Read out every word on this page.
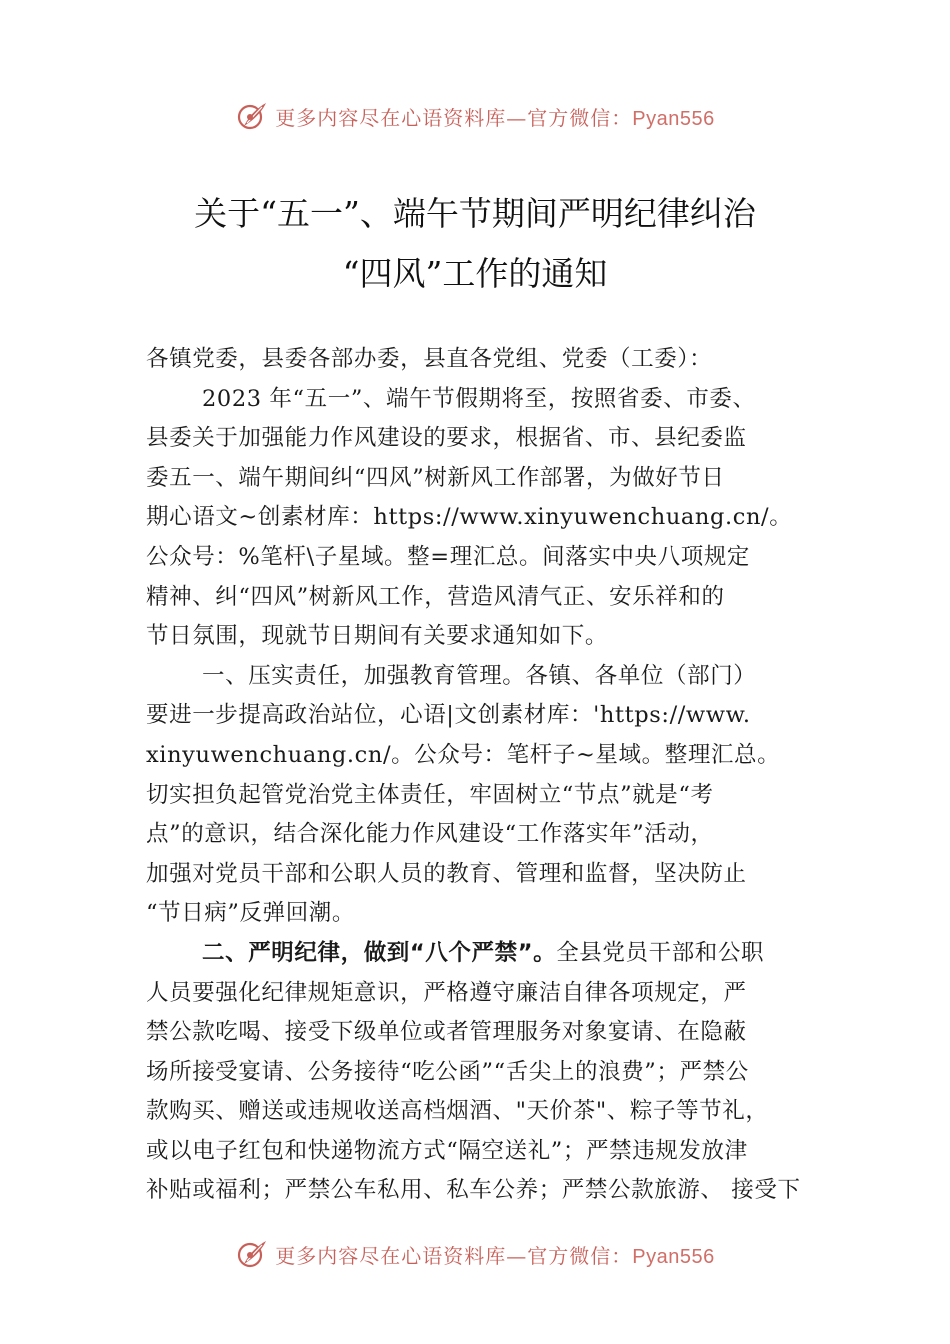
更多内容尽在心语资料库—官方微信：Pyan556
关于“五一”、端午节期间严明纪律纠治
“四风”工作的通知
各镇党委，县委各部办委，县直各党组、党委（工委）：
2023 年“五一”、端午节假期将至，按照省委、市委、
县委关于加强能力作风建设的要求，根据省、市、县纪委监
委五一、端午期间纠“四风”树新风工作部署，为做好节日
期心语文~创素材库：https://www.xinyuwenchuang.cn/。
公众号：%笔杆\子星域。整=理汇总。间落实中央八项规定
精神、纠“四风”树新风工作，营造风清气正、安乐祥和的
节日氛围，现就节日期间有关要求通知如下。
一、压实责任，加强教育管理。各镇、各单位（部门）
要进一步提高政治站位，心语|文创素材库：'https://www.
xinyuwenchuang.cn/。公众号：笔杆子~星域。整理汇总。
切实担负起管党治党主体责任，牢固树立“节点”就是“考
点”的意识，结合深化能力作风建设“工作落实年”活动，
加强对党员干部和公职人员的教育、管理和监督，坚决防止
“节日病”反弹回潮。
二、严明纪律，做到“八个严禁”。全县党员干部和公职
人员要强化纪律规矩意识，严格遵守廉洁自律各项规定，严
禁公款吃喝、接受下级单位或者管理服务对象宴请、在隐蔽
场所接受宴请、公务接待“吃公函”“舌尖上的浪费”；严禁公
款购买、赠送或违规收送高档烟酒、"天价茶"、粽子等节礼，
或以电子红包和快递物流方式“隔空送礼”；严禁违规发放津
补贴或福利；严禁公车私用、私车公养；严禁公款旅游、 接受下
更多内容尽在心语资料库—官方微信：Pyan556
